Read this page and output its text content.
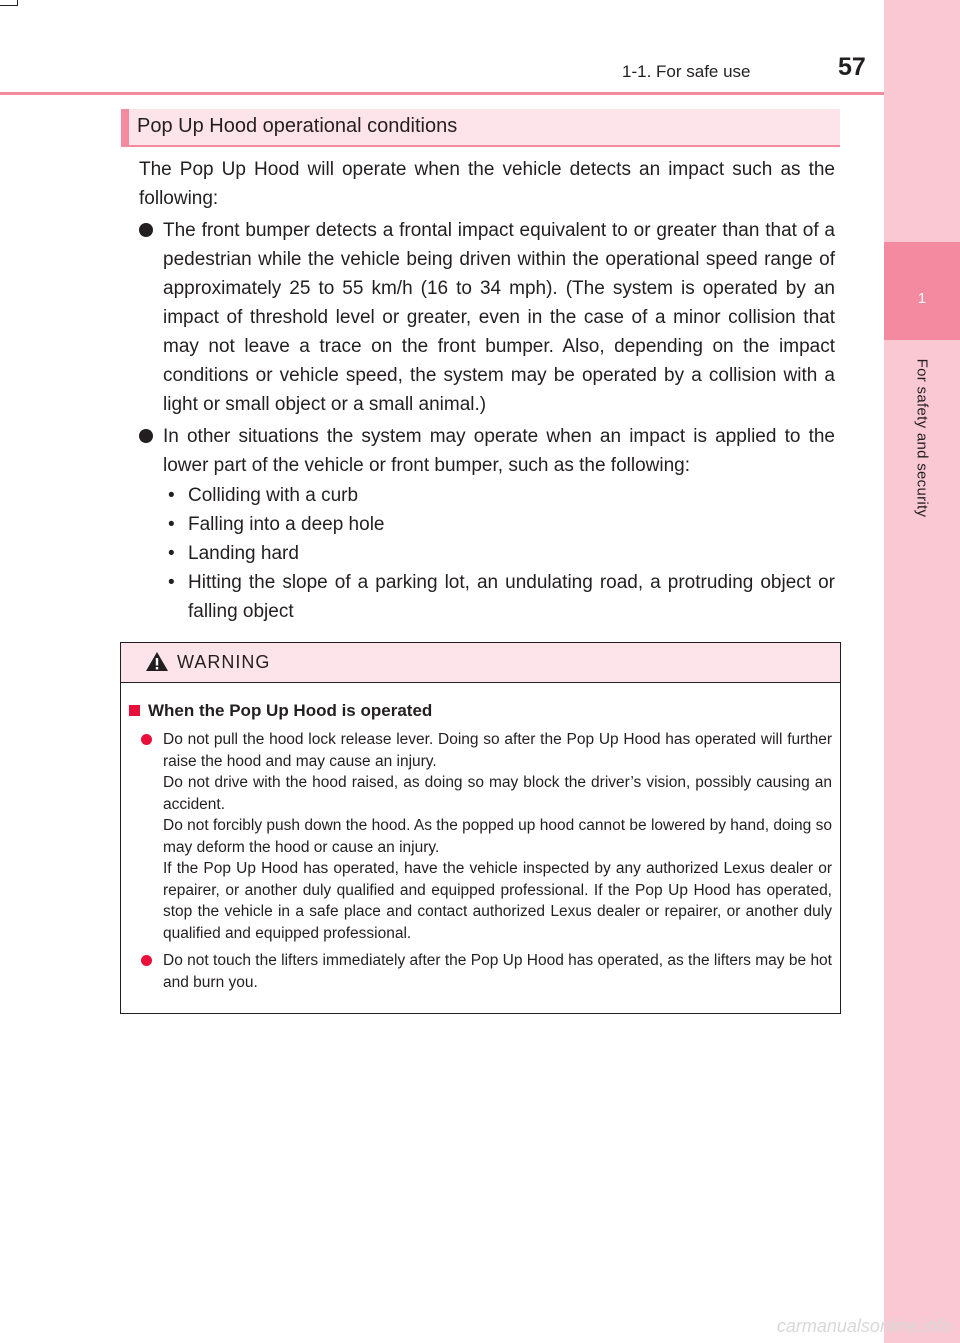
1
For safety and security
1-1. For safe use	57
Pop Up Hood operational conditions
The Pop Up Hood will operate when the vehicle detects an impact such as the following:
The front bumper detects a frontal impact equivalent to or greater than that of a pedestrian while the vehicle being driven within the operational speed range of approximately 25 to 55 km/h (16 to 34 mph). (The system is operated by an impact of threshold level or greater, even in the case of a minor collision that may not leave a trace on the front bumper. Also, depending on the impact conditions or vehicle speed, the system may be operated by a collision with a light or small object or a small animal.)
In other situations the system may operate when an impact is applied to the lower part of the vehicle or front bumper, such as the following:
• Colliding with a curb
• Falling into a deep hole
• Landing hard
• Hitting the slope of a parking lot, an undulating road, a protruding object or falling object
WARNING
When the Pop Up Hood is operated

Do not pull the hood lock release lever. Doing so after the Pop Up Hood has operated will further raise the hood and may cause an injury.

Do not drive with the hood raised, as doing so may block the driver’s vision, possibly causing an accident.

Do not forcibly push down the hood. As the popped up hood cannot be lowered by hand, doing so may deform the hood or cause an injury.

If the Pop Up Hood has operated, have the vehicle inspected by any authorized Lexus dealer or repairer, or another duly qualified and equipped professional. If the Pop Up Hood has operated, stop the vehicle in a safe place and contact authorized Lexus dealer or repairer, or another duly qualified and equipped professional.

Do not touch the lifters immediately after the Pop Up Hood has operated, as the lifters may be hot and burn you.

carmanualsonline.info
